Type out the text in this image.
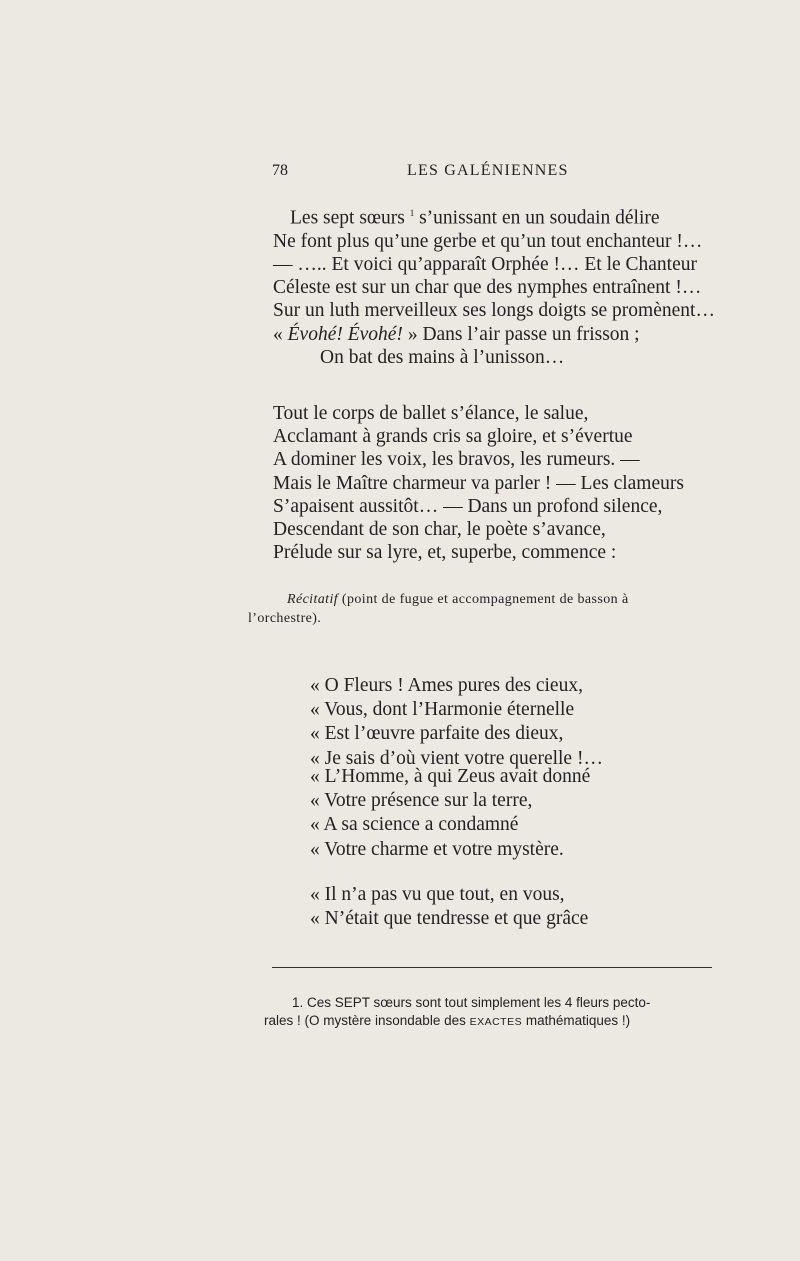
78	LES GALÉNIENNES
Les sept sœurs $^1$ s’unissant en un soudain délire
Ne font plus qu’une gerbe et qu’un tout enchanteur !…
— ….. Et voici qu’apparaît Orphée !… Et le Chanteur
Céleste est sur un char que des nymphes entraînent !…
Sur un luth merveilleux ses longs doigts se promènent…
« Évohé! Évohé! » Dans l’air passe un frisson ;
On bat des mains à l’unisson…
Tout le corps de ballet s’élance, le salue,
Acclamant à grands cris sa gloire, et s’évertue
A dominer les voix, les bravos, les rumeurs. —
Mais le Maître charmeur va parler ! — Les clameurs
S’apaisent aussitôt… — Dans un profond silence,
Descendant de son char, le poète s’avance,
Prélude sur sa lyre, et, superbe, commence :
Récitatif (point de fugue et accompagnement de basson à
l’orchestre).
« O Fleurs ! Ames pures des cieux,
« Vous, dont l’Harmonie éternelle
« Est l’œuvre parfaite des dieux,
« Je sais d’où vient votre querelle !…
« L’Homme, à qui Zeus avait donné
« Votre présence sur la terre,
« A sa science a condamné
« Votre charme et votre mystère.
« Il n’a pas vu que tout, en vous,
« N’était que tendresse et que grâce
1. Ces SEPT sœurs sont tout simplement les 4 fleurs pecto-
rales ! (O mystère insondable des EXACTES mathématiques !)
